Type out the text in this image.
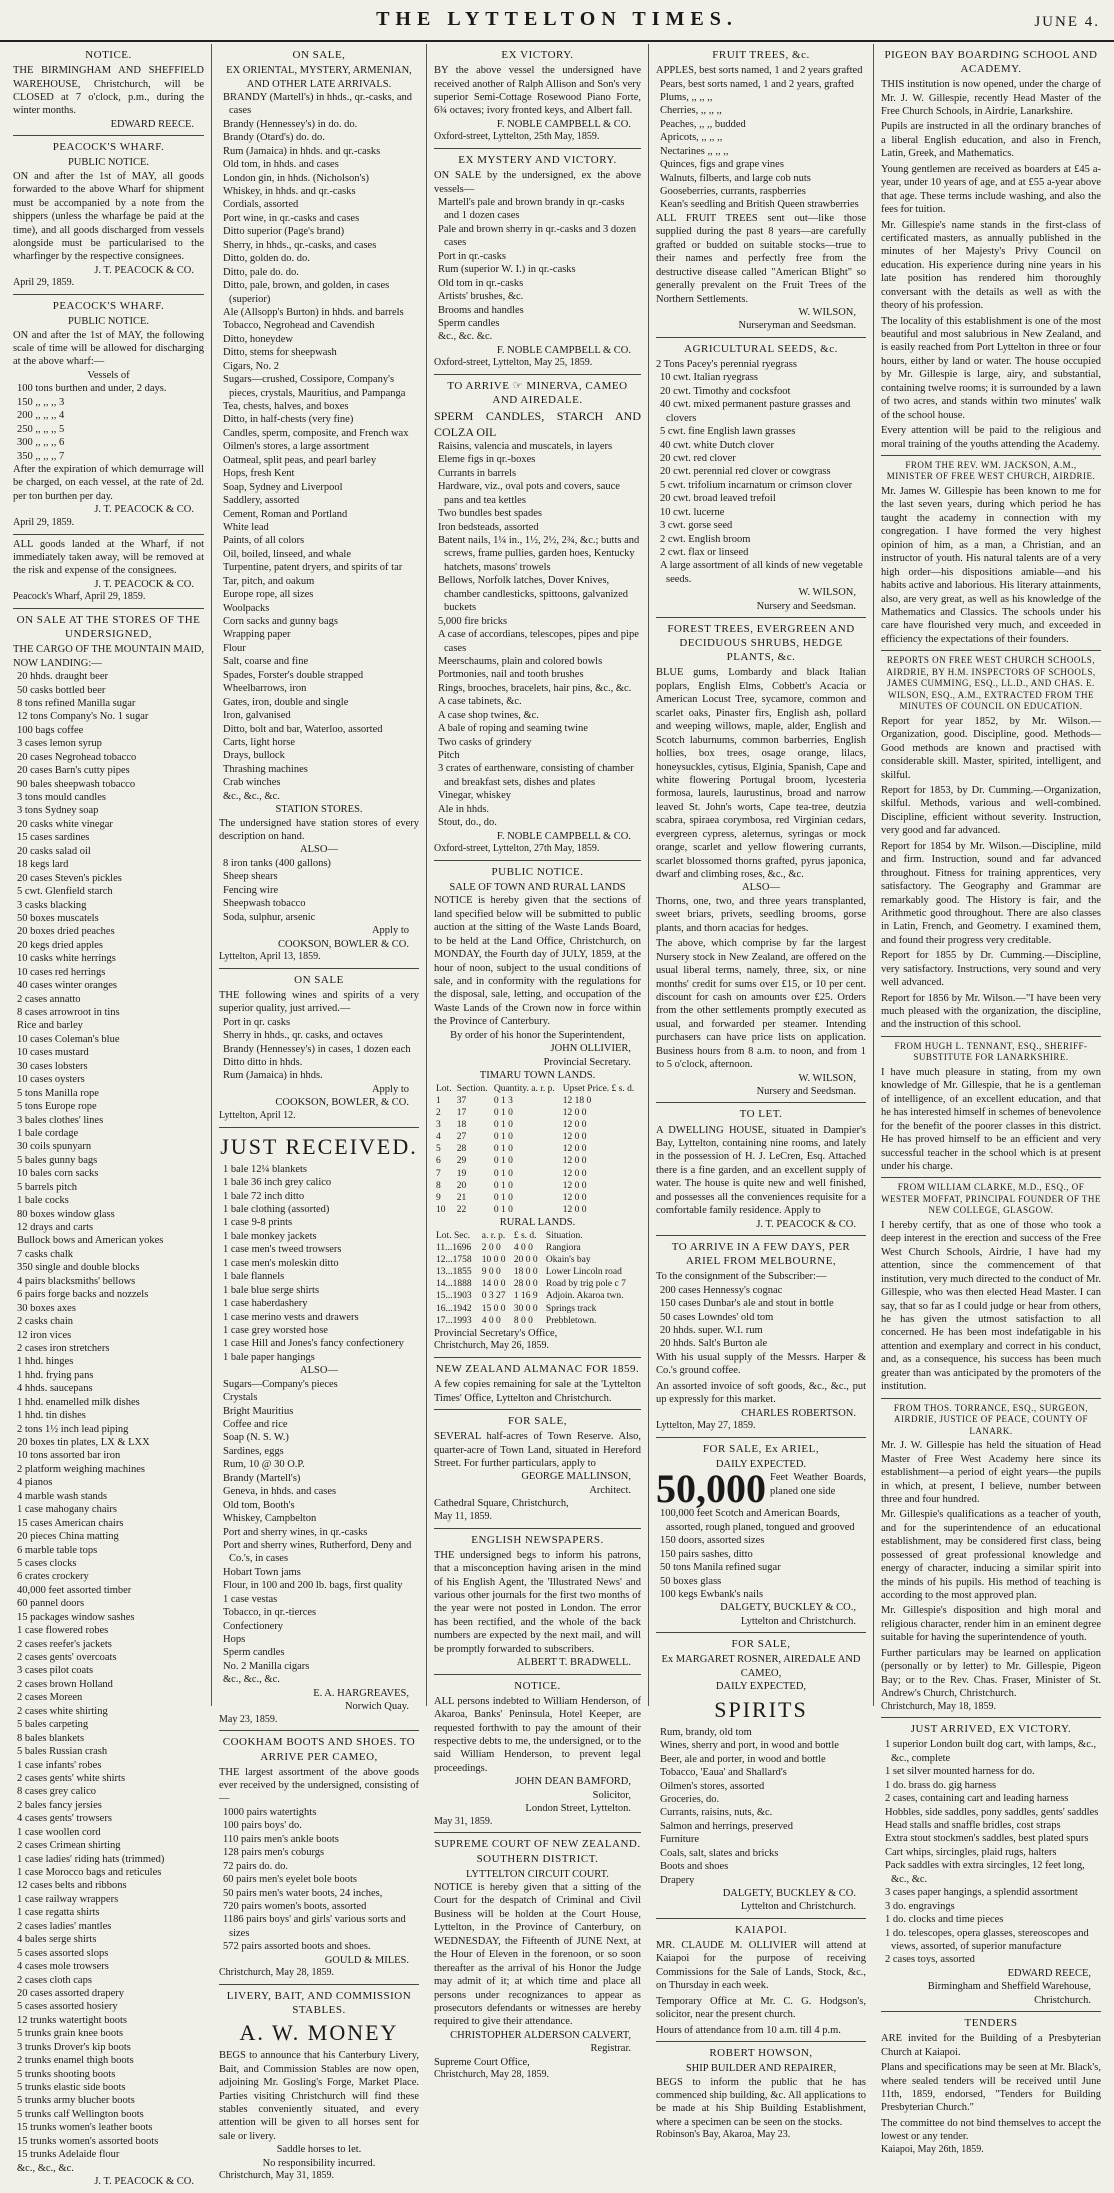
THE LYTTELTON TIMES.	JUNE 4.
NOTICE.

THE BIRMINGHAM AND SHEFFIELD WAREHOUSE, Christchurch, will be CLOSED at 7 o'clock, p.m., during the winter months.

EDWARD REECE.
PEACOCK'S WHARF.
PUBLIC NOTICE.

ON and after the 1st of MAY, all goods forwarded to the above Wharf for shipment must be accompanied by a note from the shippers (unless the wharfage be paid at the time), and all goods discharged from vessels alongside must be particularised to the wharfinger by the respective consignees.

J. T. PEACOCK & CO.
April 29, 1859.
PEACOCK'S WHARF.
PUBLIC NOTICE.

ON and after the 1st of MAY, the following scale of time will be allowed for discharging at the above wharf:—

Vessels of
100 tons burthen and under, 2 days.
150 ,, ,, ,, 3
200 ,, ,, ,, 4
250 ,, ,, ,, 5
300 ,, ,, ,, 6
350 ,, ,, ,, 7

After the expiration of which demurrage will be charged, on each vessel, at the rate of 2d. per ton burthen per day.

J. T. PEACOCK & CO.
April 29, 1859.

ALL goods landed at the Wharf, if not immediately taken away, will be removed at the risk and expense of the consignees.

J. T. PEACOCK & CO.
Peacock's Wharf, April 29, 1859.
ON SALE AT THE STORES OF THE UNDERSIGNED,

THE CARGO OF THE MOUNTAIN MAID, NOW LANDING:—

20 hhds. draught beer
50 casks bottled beer
8 tons refined Manilla sugar
12 tons Company's No. 1 sugar
100 bags coffee
3 cases lemon syrup
20 cases Negrohead tobacco
20 cases Barn's cutty pipes
90 bales sheepwash tobacco
3 tons mould candles
3 tons Sydney soap
20 casks white vinegar
15 cases sardines
20 casks salad oil
18 kegs lard
20 cases Steven's pickles
5 cwt. Glenfield starch
3 casks blacking
50 boxes muscatels
20 boxes dried peaches
20 kegs dried apples
10 casks white herrings
10 cases red herrings
40 cases winter oranges
2 cases annatto
8 cases arrowroot in tins
Rice and barley
10 cases Coleman's blue
10 cases mustard
30 cases lobsters
10 cases oysters
5 tons Manilla rope
5 tons Europe rope
3 bales clothes' lines
1 bale cordage
30 coils spunyarn
5 bales gunny bags
10 bales corn sacks
5 barrels pitch
1 bale cocks
80 boxes window glass
12 drays and carts
Bullock bows and American yokes
7 casks chalk
350 single and double blocks
4 pairs blacksmiths' bellows
6 pairs forge backs and nozzels
30 boxes axes
2 casks chain
12 iron vices
2 cases iron stretchers
1 hhd. hinges
1 hhd. frying pans
4 hhds. saucepans
1 hhd. enamelled milk dishes
1 hhd. tin dishes
2 tons 1½ inch lead piping
20 boxes tin plates, LX & LXX
10 tons assorted bar iron
2 platform weighing machines
4 pianos
4 marble wash stands
1 case mahogany chairs
15 cases American chairs
20 pieces China matting
6 marble table tops
5 cases clocks
6 crates crockery
40,000 feet assorted timber
60 pannel doors
15 packages window sashes
1 case flowered robes
2 cases reefer's jackets
2 cases gents' overcoats
3 cases pilot coats
2 cases brown Holland
2 cases Moreen
2 cases white shirting
5 bales carpeting
8 bales blankets
5 bales Russian crash
1 case infants' robes
2 cases gents' white shirts
8 cases grey calico
2 bales fancy jersies
4 cases gents' trowsers
1 case woollen cord
2 cases Crimean shirting
1 case ladies' riding hats (trimmed)
1 case Morocco bags and reticules
12 cases belts and ribbons
1 case railway wrappers
1 case regatta shirts
2 cases ladies' mantles
4 bales serge shirts
5 cases assorted slops
4 cases mole trowsers
2 cases cloth caps
20 cases assorted drapery
5 cases assorted hosiery
12 trunks watertight boots
5 trunks grain knee boots
3 trunks Drover's kip boots
2 trunks enamel thigh boots
5 trunks shooting boots
5 trunks elastic side boots
5 trunks army blucher boots
5 trunks calf Wellington boots
15 trunks women's leather boots
15 trunks women's assorted boots
15 trunks Adelaide flour
&c., &c., &c.
J. T. PEACOCK & CO.
ON SALE,
EX ORIENTAL, MYSTERY, ARMENIAN, AND OTHER LATE ARRIVALS.
BRANDY (Martell's) in hhds., qr.-casks, and cases
Brandy (Hennessey's) in do. do.
Brandy (Otard's) do. do.
Rum (Jamaica) in hhds. and qr.-casks
Old tom, in hhds. and cases
London gin, in hhds. (Nicholson's)
Whiskey, in hhds. and qr.-casks
Cordials, assorted
Port wine, in qr.-casks and cases
Ditto superior (Page's brand)
Sherry, in hhds., qr.-casks, and cases
Ditto, golden do. do.
Ditto, pale do. do.
Ditto, pale, brown, and golden, in cases (superior)
Ale (Allsopp's Burton) in hhds. and barrels
Tobacco, Negrohead and Cavendish
Ditto, honeydew
Ditto, stems for sheepwash
Cigars, No. 2
Sugars—crushed, Cossipore, Company's pieces, crystals, Mauritius, and Pampanga
Tea, chests, halves, and boxes
Ditto, in half-chests (very fine)
Candles, sperm, composite, and French wax
Oilmen's stores, a large assortment
Oatmeal, split peas, and pearl barley
Hops, fresh Kent
Soap, Sydney and Liverpool
Saddlery, assorted
Cement, Roman and Portland
White lead
Paints, of all colors
Oil, boiled, linseed, and whale
Turpentine, patent dryers, and spirits of tar
Tar, pitch, and oakum
Europe rope, all sizes
Woolpacks
Corn sacks and gunny bags
Wrapping paper
Flour
Salt, coarse and fine
Spades, Forster's double strapped
Wheelbarrows, iron
Gates, iron, double and single
Iron, galvanised
Ditto, bolt and bar, Waterloo, assorted
Carts, light horse
Drays, bullock
Thrashing machines
Crab winches
&c., &c., &c.
STATION STORES.

The undersigned have station stores of every description on hand.

ALSO—
8 iron tanks (400 gallons)
Sheep shears
Fencing wire
Sheepwash tobacco
Soda, sulphur, arsenic
Apply to
COOKSON, BOWLER & CO.
Lyttelton, April 13, 1859.
ON SALE

THE following wines and spirits of a very superior quality, just arrived.—

Port in qr. casks
Sherry in hhds., qr. casks, and octaves
Brandy (Hennessey's) in cases, 1 dozen each
Ditto ditto in hhds.
Rum (Jamaica) in hhds.
Apply to
COOKSON, BOWLER, & CO.
Lyttelton, April 12.
JUST RECEIVED.
1 bale 12¼ blankets
1 bale 36 inch grey calico
1 bale 72 inch ditto
1 bale clothing (assorted)
1 case 9-8 prints
1 bale monkey jackets
1 case men's tweed trowsers
1 case men's moleskin ditto
1 bale flannels
1 bale blue serge shirts
1 case haberdashery
1 case merino vests and drawers
1 case grey worsted hose
1 case Hill and Jones's fancy confectionery
1 bale paper hangings
ALSO—
Sugars—Company's pieces
Crystals
Bright Mauritius
Coffee and rice
Soap (N. S. W.)
Sardines, eggs
Rum, 10 @ 30 O.P.
Brandy (Martell's)
Geneva, in hhds. and cases
Old tom, Booth's
Whiskey, Campbelton
Port and sherry wines, in qr.-casks
Port and sherry wines, Rutherford, Deny and Co.'s, in cases
Hobart Town jams
Flour, in 100 and 200 lb. bags, first quality
1 case vestas
Tobacco, in qr.-tierces
Confectionery
Hops
Sperm candles
No. 2 Manilla cigars
&c., &c., &c.
E. A. HARGREAVES,
Norwich Quay.
May 23, 1859.
COOKHAM BOOTS AND SHOES. TO ARRIVE PER CAMEO,

THE largest assortment of the above goods ever received by the undersigned, consisting of—

1000 pairs watertights
100 pairs boys' do.
110 pairs men's ankle boots
128 pairs men's coburgs
72 pairs do. do.
60 pairs men's eyelet bole boots
50 pairs men's water boots, 24 inches,
720 pairs women's boots, assorted
1186 pairs boys' and girls' various sorts and sizes
572 pairs assorted boots and shoes.
GOULD & MILES.
Christchurch, May 28, 1859.
LIVERY, BAIT, AND COMMISSION STABLES.
A. W. MONEY

BEGS to announce that his Canterbury Livery, Bait, and Commission Stables are now open, adjoining Mr. Gosling's Forge, Market Place. Parties visiting Christchurch will find these stables conveniently situated, and every attention will be given to all horses sent for sale or livery.

Saddle horses to let.
No responsibility incurred.
Christchurch, May 31, 1859.
EX VICTORY.

BY the above vessel the undersigned have received another of Ralph Allison and Son's very superior Semi-Cottage Rosewood Piano Forte, 6¾ octaves; ivory fronted keys, and Albert fall.

F. NOBLE CAMPBELL & CO.
Oxford-street, Lyttelton, 25th May, 1859.
EX MYSTERY AND VICTORY.

ON SALE by the undersigned, ex the above vessels—

Martell's pale and brown brandy in qr.-casks and 1 dozen cases
Pale and brown sherry in qr.-casks and 3 dozen cases
Port in qr.-casks
Rum (superior W. I.) in qr.-casks
Old tom in qr.-casks
Artists' brushes, &c.
Brooms and handles
Sperm candles
&c., &c. &c.
F. NOBLE CAMPBELL & CO.
Oxford-street, Lyttelton, May 25, 1859.
TO ARRIVE ☞ MINERVA, CAMEO AND AIREDALE.

SPERM CANDLES, STARCH AND COLZA OIL

Raisins, valencia and muscatels, in layers
Eleme figs in qr.-boxes
Currants in barrels
Hardware, viz., oval pots and covers, sauce pans and tea kettles
Two bundles best spades
Iron bedsteads, assorted
Batent nails, 1¼ in., 1½, 2½, 2¾, &c.; butts and screws, frame pullies, garden hoes, Kentucky hatchets, masons' trowels
Bellows, Norfolk latches, Dover Knives, chamber candlesticks, spittoons, galvanized buckets
5,000 fire bricks
A case of accordians, telescopes, pipes and pipe cases
Meerschaums, plain and colored bowls
Portmonies, nail and tooth brushes
Rings, brooches, bracelets, hair pins, &c., &c.
A case tabinets, &c.
A case shop twines, &c.
A bale of roping and seaming twine
Two casks of grindery
Pitch
3 crates of earthenware, consisting of chamber and breakfast sets, dishes and plates
Vinegar, whiskey
Ale in hhds.
Stout, do., do.
F. NOBLE CAMPBELL & CO.
Oxford-street, Lyttelton, 27th May, 1859.
PUBLIC NOTICE.
SALE OF TOWN AND RURAL LANDS

NOTICE is hereby given that the sections of land specified below will be submitted to public auction at the sitting of the Waste Lands Board, to be held at the Land Office, Christchurch, on MONDAY, the Fourth day of JULY, 1859, at the hour of noon, subject to the usual conditions of sale, and in conformity with the regulations for the disposal, sale, letting, and occupation of the Waste Lands of the Crown now in force within the Province of Canterbury.

By order of his honor the Superintendent,
JOHN OLLIVIER,
Provincial Secretary.
TIMARU TOWN LANDS.
Lot.	Section.	Quantity. a. r. p.	Upset Price. £ s. d.
1	37	0 1 3	12 18 0
2	17	0 1 0	12 0 0
3	18	0 1 0	12 0 0
4	27	0 1 0	12 0 0
5	28	0 1 0	12 0 0
6	29	0 1 0	12 0 0
7	19	0 1 0	12 0 0
8	20	0 1 0	12 0 0
9	21	0 1 0	12 0 0
10	22	0 1 0	12 0 0
RURAL LANDS.
Lot. Sec.	a. r. p.	£ s. d.	Situation.
11...1696	2 0 0	4 0 0	Rangiora
12...1758	10 0 0	20 0 0	Okain's bay
13...1855	9 0 0	18 0 0	Lower Lincoln road
14...1888	14 0 0	28 0 0	Road by trig pole c 7
15...1903	0 3 27	1 16 9	Adjoin. Akaroa twn.
16...1942	15 0 0	30 0 0	Springs track
17...1993	4 0 0	8 0 0	Prebbletown.
Provincial Secretary's Office,
Christchurch, May 26, 1859.
NEW ZEALAND ALMANAC FOR 1859.

A few copies remaining for sale at the 'Lyttelton Times' Office, Lyttelton and Christchurch.

FOR SALE,

SEVERAL half-acres of Town Reserve. Also, quarter-acre of Town Land, situated in Hereford Street. For further particulars, apply to

GEORGE MALLINSON,
Architect.
Cathedral Square, Christchurch,
May 11, 1859.
ENGLISH NEWSPAPERS.

THE undersigned begs to inform his patrons, that a misconception having arisen in the mind of his English Agent, the 'Illustrated News' and various other journals for the first two months of the year were not posted in London. The error has been rectified, and the whole of the back numbers are expected by the next mail, and will be promptly forwarded to subscribers.

ALBERT T. BRADWELL.
NOTICE.

ALL persons indebted to William Henderson, of Akaroa, Banks' Peninsula, Hotel Keeper, are requested forthwith to pay the amount of their respective debts to me, the undersigned, or to the said William Henderson, to prevent legal proceedings.

JOHN DEAN BAMFORD,
Solicitor,
London Street, Lyttelton.
May 31, 1859.
SUPREME COURT OF NEW ZEALAND. SOUTHERN DISTRICT.
LYTTELTON CIRCUIT COURT.

NOTICE is hereby given that a sitting of the Court for the despatch of Criminal and Civil Business will be holden at the Court House, Lyttelton, in the Province of Canterbury, on WEDNESDAY, the Fifteenth of JUNE Next, at the Hour of Eleven in the forenoon, or so soon thereafter as the arrival of his Honor the Judge may admit of it; at which time and place all persons under recognizances to appear as prosecutors defendants or witnesses are hereby required to give their attendance.

CHRISTOPHER ALDERSON CALVERT,
Registrar.
Supreme Court Office,
Christchurch, May 28, 1859.
FRUIT TREES, &c.

APPLES, best sorts named, 1 and 2 years grafted

Pears, best sorts named, 1 and 2 years, grafted
Plums, ,, ,, ,,
Cherries, ,, ,, ,,
Peaches, ,, ,, budded
Apricots, ,, ,, ,,
Nectarines ,, ,, ,,
Quinces, figs and grape vines
Walnuts, filberts, and large cob nuts
Gooseberries, currants, raspberries
Kean's seedling and British Queen strawberries

ALL FRUIT TREES sent out—like those supplied during the past 8 years—are carefully grafted or budded on suitable stocks—true to their names and perfectly free from the destructive disease called "American Blight" so generally prevalent on the Fruit Trees of the Northern Settlements.

W. WILSON,
Nurseryman and Seedsman.
AGRICULTURAL SEEDS, &c.

2 Tons Pacey's perennial ryegrass

10 cwt. Italian ryegrass
20 cwt. Timothy and cocksfoot
40 cwt. mixed permanent pasture grasses and clovers
5 cwt. fine English lawn grasses
40 cwt. white Dutch clover
20 cwt. red clover
20 cwt. perennial red clover or cowgrass
5 cwt. trifolium incarnatum or crimson clover
20 cwt. broad leaved trefoil
10 cwt. lucerne
3 cwt. gorse seed
2 cwt. English broom
2 cwt. flax or linseed
A large assortment of all kinds of new vegetable seeds.
W. WILSON,
Nursery and Seedsman.
FOREST TREES, EVERGREEN AND DECIDUOUS SHRUBS, HEDGE PLANTS, &c.

BLUE gums, Lombardy and black Italian poplars, English Elms, Cobbett's Acacia or American Locust Tree, sycamore, common and scarlet oaks, Pinaster firs, English ash, pollard and weeping willows, maple, alder, English and Scotch laburnums, common barberries, English hollies, box trees, osage orange, lilacs, honeysuckles, cytisus, Elginia, Spanish, Cape and white flowering Portugal broom, lycesteria formosa, laurels, laurustinus, broad and narrow leaved St. John's worts, Cape tea-tree, deutzia scabra, spiraea corymbosa, red Virginian cedars, evergreen cypress, aleternus, syringas or mock orange, scarlet and yellow flowering currants, scarlet blossomed thorns grafted, pyrus japonica, dwarf and climbing roses, &c., &c.

ALSO—

Thorns, one, two, and three years transplanted, sweet briars, privets, seedling brooms, gorse plants, and thorn acacias for hedges.

The above, which comprise by far the largest Nursery stock in New Zealand, are offered on the usual liberal terms, namely, three, six, or nine months' credit for sums over £15, or 10 per cent. discount for cash on amounts over £25. Orders from the other settlements promptly executed as usual, and forwarded per steamer. Intending purchasers can have price lists on application. Business hours from 8 a.m. to noon, and from 1 to 5 o'clock, afternoon.

W. WILSON,
Nursery and Seedsman.
TO LET.

A DWELLING HOUSE, situated in Dampier's Bay, Lyttelton, containing nine rooms, and lately in the possession of H. J. LeCren, Esq. Attached there is a fine garden, and an excellent supply of water. The house is quite new and well finished, and possesses all the conveniences requisite for a comfortable family residence. Apply to

J. T. PEACOCK & CO.
TO ARRIVE IN A FEW DAYS, PER ARIEL FROM MELBOURNE,

To the consignment of the Subscriber:—

200 cases Hennessy's cognac
150 cases Dunbar's ale and stout in bottle
50 cases Lowndes' old tom
20 hhds. super. W.I. rum
20 hhds. Salt's Burton ale

With his usual supply of the Messrs. Harper & Co.'s ground coffee.

An assorted invoice of soft goods, &c., &c., put up expressly for this market.

CHARLES ROBERTSON.
Lyttelton, May 27, 1859.
FOR SALE, Ex ARIEL,
DAILY EXPECTED.

50,000 Feet Weather Boards, planed one side

100,000 feet Scotch and American Boards, assorted, rough planed, tongued and grooved
150 doors, assorted sizes
150 pairs sashes, ditto
50 tons Manila refined sugar
50 boxes glass
100 kegs Ewbank's nails
DALGETY, BUCKLEY & CO.,
Lyttelton and Christchurch.
FOR SALE,
Ex MARGARET ROSNER, AIREDALE AND CAMEO,
DAILY EXPECTED,
SPIRITS
Rum, brandy, old tom
Wines, sherry and port, in wood and bottle
Beer, ale and porter, in wood and bottle
Tobacco, 'Eaua' and Shallard's
Oilmen's stores, assorted
Groceries, do.
Currants, raisins, nuts, &c.
Salmon and herrings, preserved
Furniture
Coals, salt, slates and bricks
Boots and shoes
Drapery
DALGETY, BUCKLEY & CO.
Lyttelton and Christchurch.
KAIAPOI.

MR. CLAUDE M. OLLIVIER will attend at Kaiapoi for the purpose of receiving Commissions for the Sale of Lands, Stock, &c., on Thursday in each week.

Temporary Office at Mr. C. G. Hodgson's, solicitor, near the present church.

Hours of attendance from 10 a.m. till 4 p.m.

ROBERT HOWSON,
SHIP BUILDER AND REPAIRER,

BEGS to inform the public that he has commenced ship building, &c. All applications to be made at his Ship Building Establishment, where a specimen can be seen on the stocks.

Robinson's Bay, Akaroa, May 23.
PIGEON BAY BOARDING SCHOOL AND ACADEMY.

THIS institution is now opened, under the charge of Mr. J. W. Gillespie, recently Head Master of the Free Church Schools, in Airdrie, Lanarkshire.

Pupils are instructed in all the ordinary branches of a liberal English education, and also in French, Latin, Greek, and Mathematics.

Young gentlemen are received as boarders at £45 a-year, under 10 years of age, and at £55 a-year above that age. These terms include washing, and also the fees for tuition.

Mr. Gillespie's name stands in the first-class of certificated masters, as annually published in the minutes of her Majesty's Privy Council on education. His experience during nine years in his late position has rendered him thoroughly conversant with the details as well as with the theory of his profession.

The locality of this establishment is one of the most beautiful and most salubrious in New Zealand, and is easily reached from Port Lyttelton in three or four hours, either by land or water. The house occupied by Mr. Gillespie is large, airy, and substantial, containing twelve rooms; it is surrounded by a lawn of two acres, and stands within two minutes' walk of the school house.

Every attention will be paid to the religious and moral training of the youths attending the Academy.

FROM THE REV. WM. JACKSON, A.M., MINISTER OF FREE WEST CHURCH, AIRDRIE.

Mr. James W. Gillespie has been known to me for the last seven years, during which period he has taught the academy in connection with my congregation. I have formed the very highest opinion of him, as a man, a Christian, and an instructor of youth. His natural talents are of a very high order—his dispositions amiable—and his habits active and laborious. His literary attainments, also, are very great, as well as his knowledge of the Mathematics and Classics. The schools under his care have flourished very much, and exceeded in efficiency the expectations of their founders.

REPORTS ON FREE WEST CHURCH SCHOOLS, AIRDRIE, BY H.M. INSPECTORS OF SCHOOLS, JAMES CUMMING, ESQ., LL.D., AND CHAS. E. WILSON, ESQ., A.M., EXTRACTED FROM THE MINUTES OF COUNCIL ON EDUCATION.

Report for year 1852, by Mr. Wilson.—Organization, good. Discipline, good. Methods—Good methods are known and practised with considerable skill. Master, spirited, intelligent, and skilful.

Report for 1853, by Dr. Cumming.—Organization, skilful. Methods, various and well-combined. Discipline, efficient without severity. Instruction, very good and far advanced.

Report for 1854 by Mr. Wilson.—Discipline, mild and firm. Instruction, sound and far advanced throughout. Fitness for training apprentices, very satisfactory. The Geography and Grammar are remarkably good. The History is fair, and the Arithmetic good throughout. There are also classes in Latin, French, and Geometry. I examined them, and found their progress very creditable.

Report for 1855 by Dr. Cumming.—Discipline, very satisfactory. Instructions, very sound and very well advanced.

Report for 1856 by Mr. Wilson.—"I have been very much pleased with the organization, the discipline, and the instruction of this school.

FROM HUGH L. TENNANT, ESQ., SHERIFF-SUBSTITUTE FOR LANARKSHIRE.

I have much pleasure in stating, from my own knowledge of Mr. Gillespie, that he is a gentleman of intelligence, of an excellent education, and that he has interested himself in schemes of benevolence for the benefit of the poorer classes in this district. He has proved himself to be an efficient and very successful teacher in the school which is at present under his charge.

FROM WILLIAM CLARKE, M.D., ESQ., OF WESTER MOFFAT, PRINCIPAL FOUNDER OF THE NEW COLLEGE, GLASGOW.

I hereby certify, that as one of those who took a deep interest in the erection and success of the Free West Church Schools, Airdrie, I have had my attention, since the commencement of that institution, very much directed to the conduct of Mr. Gillespie, who was then elected Head Master. I can say, that so far as I could judge or hear from others, he has given the utmost satisfaction to all concerned. He has been most indefatigable in his attention and exemplary and correct in his conduct, and, as a consequence, his success has been much greater than was anticipated by the promoters of the institution.

FROM THOS. TORRANCE, ESQ., SURGEON, AIRDRIE, JUSTICE OF PEACE, COUNTY OF LANARK.

Mr. J. W. Gillespie has held the situation of Head Master of Free West Academy here since its establishment—a period of eight years—the pupils in which, at present, I believe, number between three and four hundred.

Mr. Gillespie's qualifications as a teacher of youth, and for the superintendence of an educational establishment, may be considered first class, being possessed of great professional knowledge and energy of character, inducing a similar spirit into the minds of his pupils. His method of teaching is according to the most approved plan.

Mr. Gillespie's disposition and high moral and religious character, render him in an eminent degree suitable for having the superintendence of youth.

Further particulars may be learned on application (personally or by letter) to Mr. Gillespie, Pigeon Bay; or to the Rev. Chas. Fraser, Minister of St. Andrew's Church, Christchurch.

Christchurch, May 18, 1859.
JUST ARRIVED, EX VICTORY.
1 superior London built dog cart, with lamps, &c., &c., complete
1 set silver mounted harness for do.
1 do. brass do. gig harness
2 cases, containing cart and leading harness
Hobbles, side saddles, pony saddles, gents' saddles
Head stalls and snaffle bridles, cost straps
Extra stout stockmen's saddles, best plated spurs
Cart whips, sircingles, plaid rugs, halters
Pack saddles with extra sircingles, 12 feet long, &c., &c.
3 cases paper hangings, a splendid assortment
3 do. engravings
1 do. clocks and time pieces
1 do. telescopes, opera glasses, stereoscopes and views, assorted, of superior manufacture
2 cases toys, assorted
EDWARD REECE,
Birmingham and Sheffield Warehouse,
Christchurch.
TENDERS

ARE invited for the Building of a Presbyterian Church at Kaiapoi.

Plans and specifications may be seen at Mr. Black's, where sealed tenders will be received until June 11th, 1859, endorsed, "Tenders for Building Presbyterian Church."

The committee do not bind themselves to accept the lowest or any tender.

Kaiapoi, May 26th, 1859.
